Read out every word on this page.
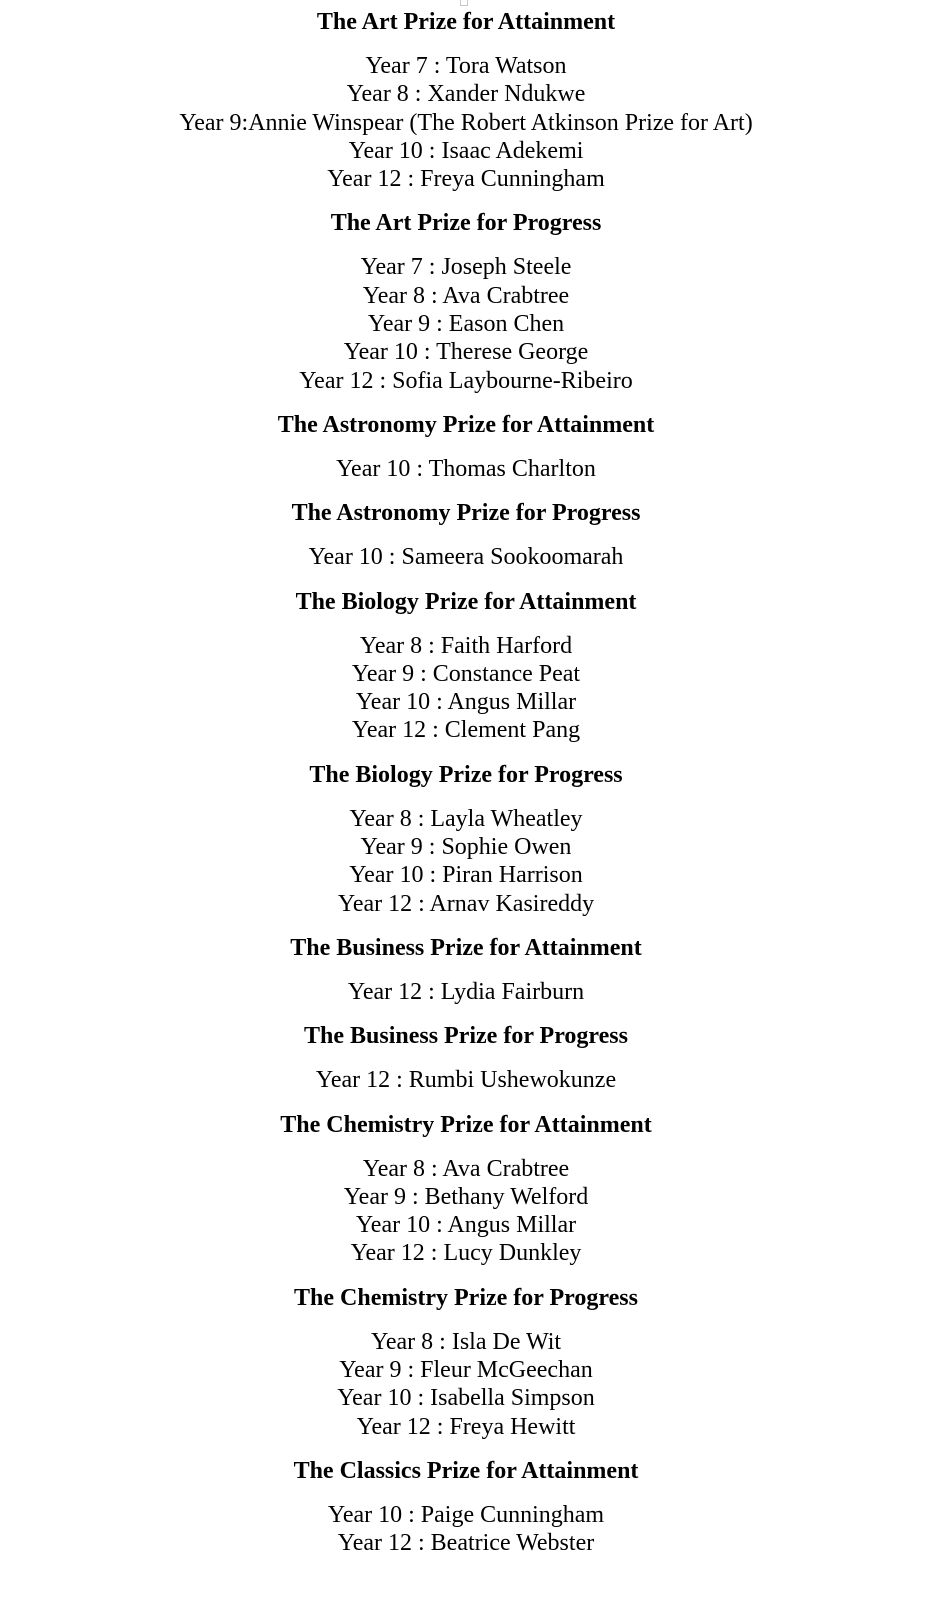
The Art Prize for Attainment
Year 7 : Tora Watson
Year 8 : Xander Ndukwe
Year 9:Annie Winspear (The Robert Atkinson Prize for Art)
Year 10 : Isaac Adekemi
Year 12 : Freya Cunningham
The Art Prize for Progress
Year 7 : Joseph Steele
Year 8 : Ava Crabtree
Year 9 : Eason Chen
Year 10 : Therese George
Year 12 : Sofia Laybourne-Ribeiro
The Astronomy Prize for Attainment
Year 10 : Thomas Charlton
The Astronomy Prize for Progress
Year 10 : Sameera Sookoomarah
The Biology Prize for Attainment
Year 8 : Faith Harford
Year 9 : Constance Peat
Year 10 : Angus Millar
Year 12 : Clement Pang
The Biology Prize for Progress
Year 8 : Layla Wheatley
Year 9 : Sophie Owen
Year 10 : Piran Harrison
Year 12 : Arnav Kasireddy
The Business Prize for Attainment
Year 12 : Lydia Fairburn
The Business Prize for Progress
Year 12 : Rumbi Ushewokunze
The Chemistry Prize for Attainment
Year 8 : Ava Crabtree
Year 9 : Bethany Welford
Year 10 : Angus Millar
Year 12 : Lucy Dunkley
The Chemistry Prize for Progress
Year 8 : Isla De Wit
Year 9 : Fleur McGeechan
Year 10 : Isabella Simpson
Year 12 : Freya Hewitt
The Classics Prize for Attainment
Year 10 : Paige Cunningham
Year 12 : Beatrice Webster
